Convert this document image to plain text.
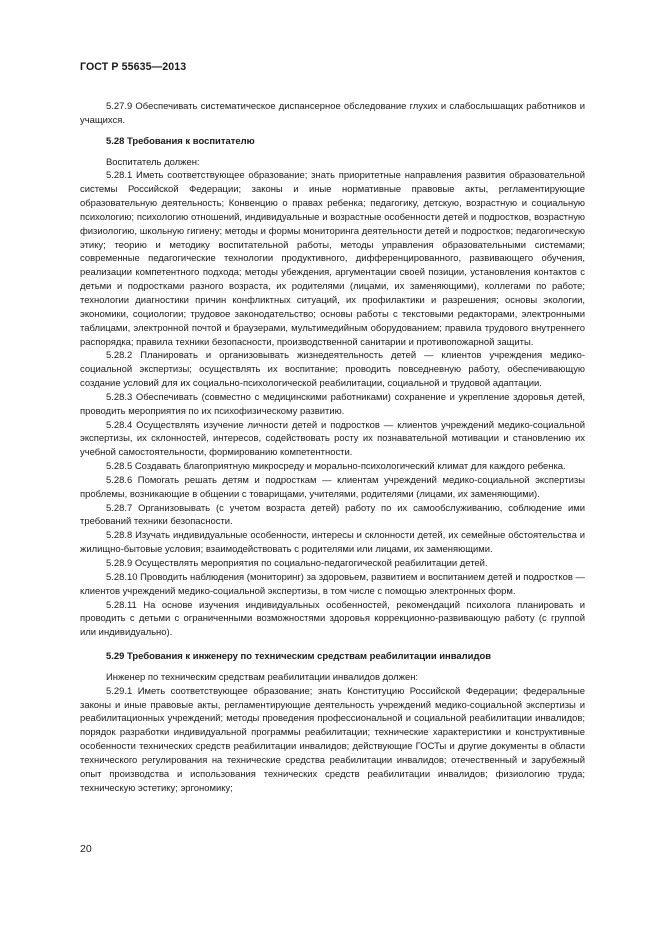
ГОСТ Р 55635—2013

5.27.9 Обеспечивать систематическое диспансерное обследование глухих и слабослышащих работников и учащихся.

5.28 Требования к воспитателю

Воспитатель должен:

5.28.1 Иметь соответствующее образование; знать приоритетные направления развития образовательной системы Российской Федерации; законы и иные нормативные правовые акты, регламентирующие образовательную деятельность; Конвенцию о правах ребенка; педагогику, детскую, возрастную и социальную психологию; психологию отношений, индивидуальные и возрастные особенности детей и подростков, возрастную физиологию, школьную гигиену; методы и формы мониторинга деятельности детей и подростков; педагогическую этику; теорию и методику воспитательной работы, методы управления образовательными системами; современные педагогические технологии продуктивного, дифференцированного, развивающего обучения, реализации компетентного подхода; методы убеждения, аргументации своей позиции, установления контактов с детьми и подростками разного возраста, их родителями (лицами, их заменяющими), коллегами по работе; технологии диагностики причин конфликтных ситуаций, их профилактики и разрешения; основы экологии, экономики, социологии; трудовое законодательство; основы работы с текстовыми редакторами, электронными таблицами, электронной почтой и браузерами, мультимедийным оборудованием; правила трудового внутреннего распорядка; правила техники безопасности, производственной санитарии и противопожарной защиты.

5.28.2 Планировать и организовывать жизнедеятельность детей — клиентов учреждения медико-социальной экспертизы; осуществлять их воспитание; проводить повседневную работу, обеспечивающую создание условий для их социально-психологической реабилитации, социальной и трудовой адаптации.

5.28.3 Обеспечивать (совместно с медицинскими работниками) сохранение и укрепление здоровья детей, проводить мероприятия по их психофизическому развитию.

5.28.4 Осуществлять изучение личности детей и подростков — клиентов учреждений медико-социальной экспертизы, их склонностей, интересов, содействовать росту их познавательной мотивации и становлению их учебной самостоятельности, формированию компетентности.

5.28.5 Создавать благоприятную микросреду и морально-психологический климат для каждого ребенка.

5.28.6 Помогать решать детям и подросткам — клиентам учреждений медико-социальной экспертизы проблемы, возникающие в общении с товарищами, учителями, родителями (лицами, их заменяющими).

5.28.7 Организовывать (с учетом возраста детей) работу по их самообслуживанию, соблюдение ими требований техники безопасности.

5.28.8 Изучать индивидуальные особенности, интересы и склонности детей, их семейные обстоятельства и жилищно-бытовые условия; взаимодействовать с родителями или лицами, их заменяющими.

5.28.9 Осуществлять мероприятия по социально-педагогической реабилитации детей.

5.28.10 Проводить наблюдения (мониторинг) за здоровьем, развитием и воспитанием детей и подростков — клиентов учреждений медико-социальной экспертизы, в том числе с помощью электронных форм.

5.28.11 На основе изучения индивидуальных особенностей, рекомендаций психолога планировать и проводить с детьми с ограниченными возможностями здоровья коррекционно-развивающую работу (с группой или индивидуально).

5.29 Требования к инженеру по техническим средствам реабилитации инвалидов

Инженер по техническим средствам реабилитации инвалидов должен:

5.29.1 Иметь соответствующее образование; знать Конституцию Российской Федерации; федеральные законы и иные правовые акты, регламентирующие деятельность учреждений медико-социальной экспертизы и реабилитационных учреждений; методы проведения профессиональной и социальной реабилитации инвалидов; порядок разработки индивидуальной программы реабилитации; технические характеристики и конструктивные особенности технических средств реабилитации инвалидов; действующие ГОСТы и другие документы в области технического регулирования на технические средства реабилитации инвалидов; отечественный и зарубежный опыт производства и использования технических средств реабилитации инвалидов; физиологию труда; техническую эстетику; эргономику;

20
